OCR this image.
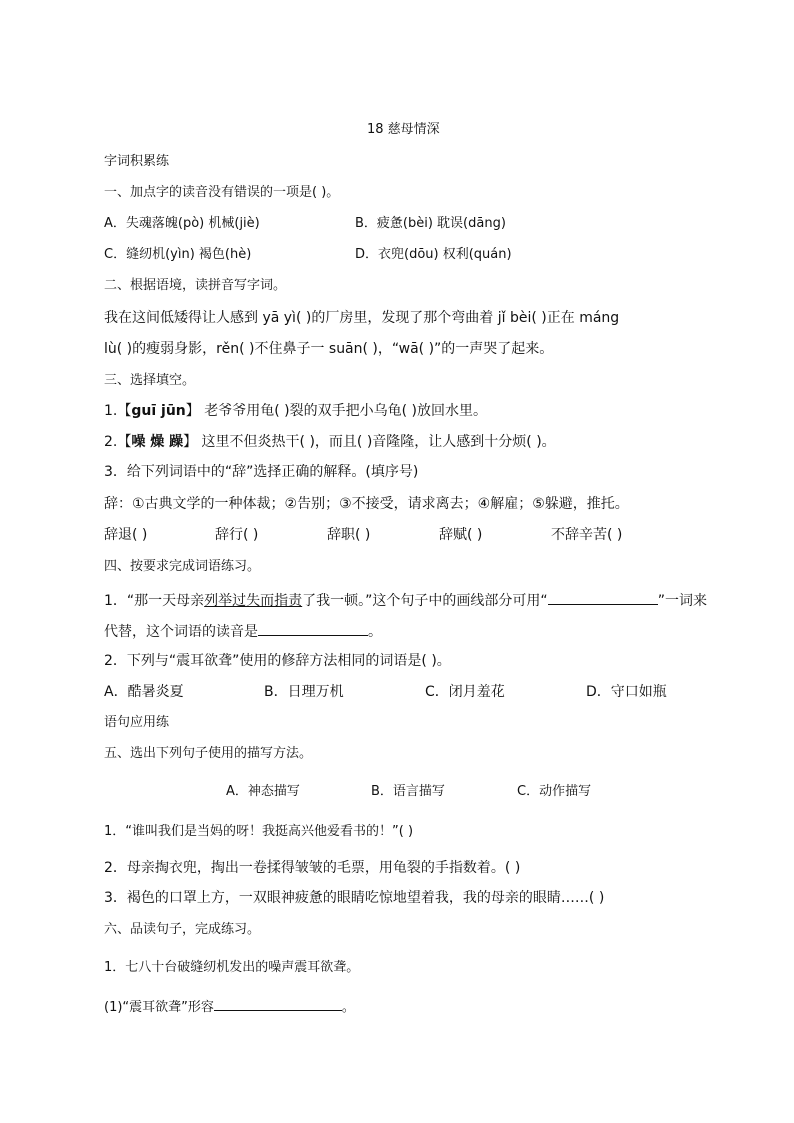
18 慈母情深
字词积累练
一、加点字的读音没有错误的一项是( )。
A．失魂落魄(pò) 机械(jiè)	B．疲惫(bèi) 耽误(dāng)
C．缝纫机(yìn) 褐色(hè)	D．衣兜(dōu) 权利(quán)
二、根据语境，读拼音写字词。
我在这间低矮得让人感到 yā yì( )的厂房里，发现了那个弯曲着 jǐ bèi( )正在 máng
lù( )的瘦弱身影，rěn( )不住鼻子一 suān( )，“wā( )”的一声哭了起来。
三、选择填空。
1.【guī jūn】 老爷爷用龟( )裂的双手把小乌龟( )放回水里。
2.【噪 燥 躁】 这里不但炎热干( )，而且( )音隆隆，让人感到十分烦( )。
3．给下列词语中的“辞”选择正确的解释。(填序号)
辞：①古典文学的一种体裁；②告别；③不接受，请求离去；④解雇；⑤躲避，推托。
辞退( )	辞行( )	辞职( )	辞赋( )	不辞辛苦( )
四、按要求完成词语练习。
1．“那一天母亲列举过失而指责了我一顿。”这个句子中的画线部分可用“	”一词来
代替，这个词语的读音是	。
2．下列与“震耳欲聋”使用的修辞方法相同的词语是( )。
A．酷暑炎夏	B．日理万机	C．闭月羞花	D．守口如瓶
语句应用练
五、选出下列句子使用的描写方法。
A．神态描写	B．语言描写	C．动作描写
1．“谁叫我们是当妈的呀！我挺高兴他爱看书的！”( )
2．母亲掏衣兜，掏出一卷揉得皱皱的毛票，用龟裂的手指数着。( )
3．褐色的口罩上方，一双眼神疲惫的眼睛吃惊地望着我，我的母亲的眼睛……( )
六、品读句子，完成练习。
1．七八十台破缝纫机发出的噪声震耳欲聋。
(1)“震耳欲聋”形容	。
